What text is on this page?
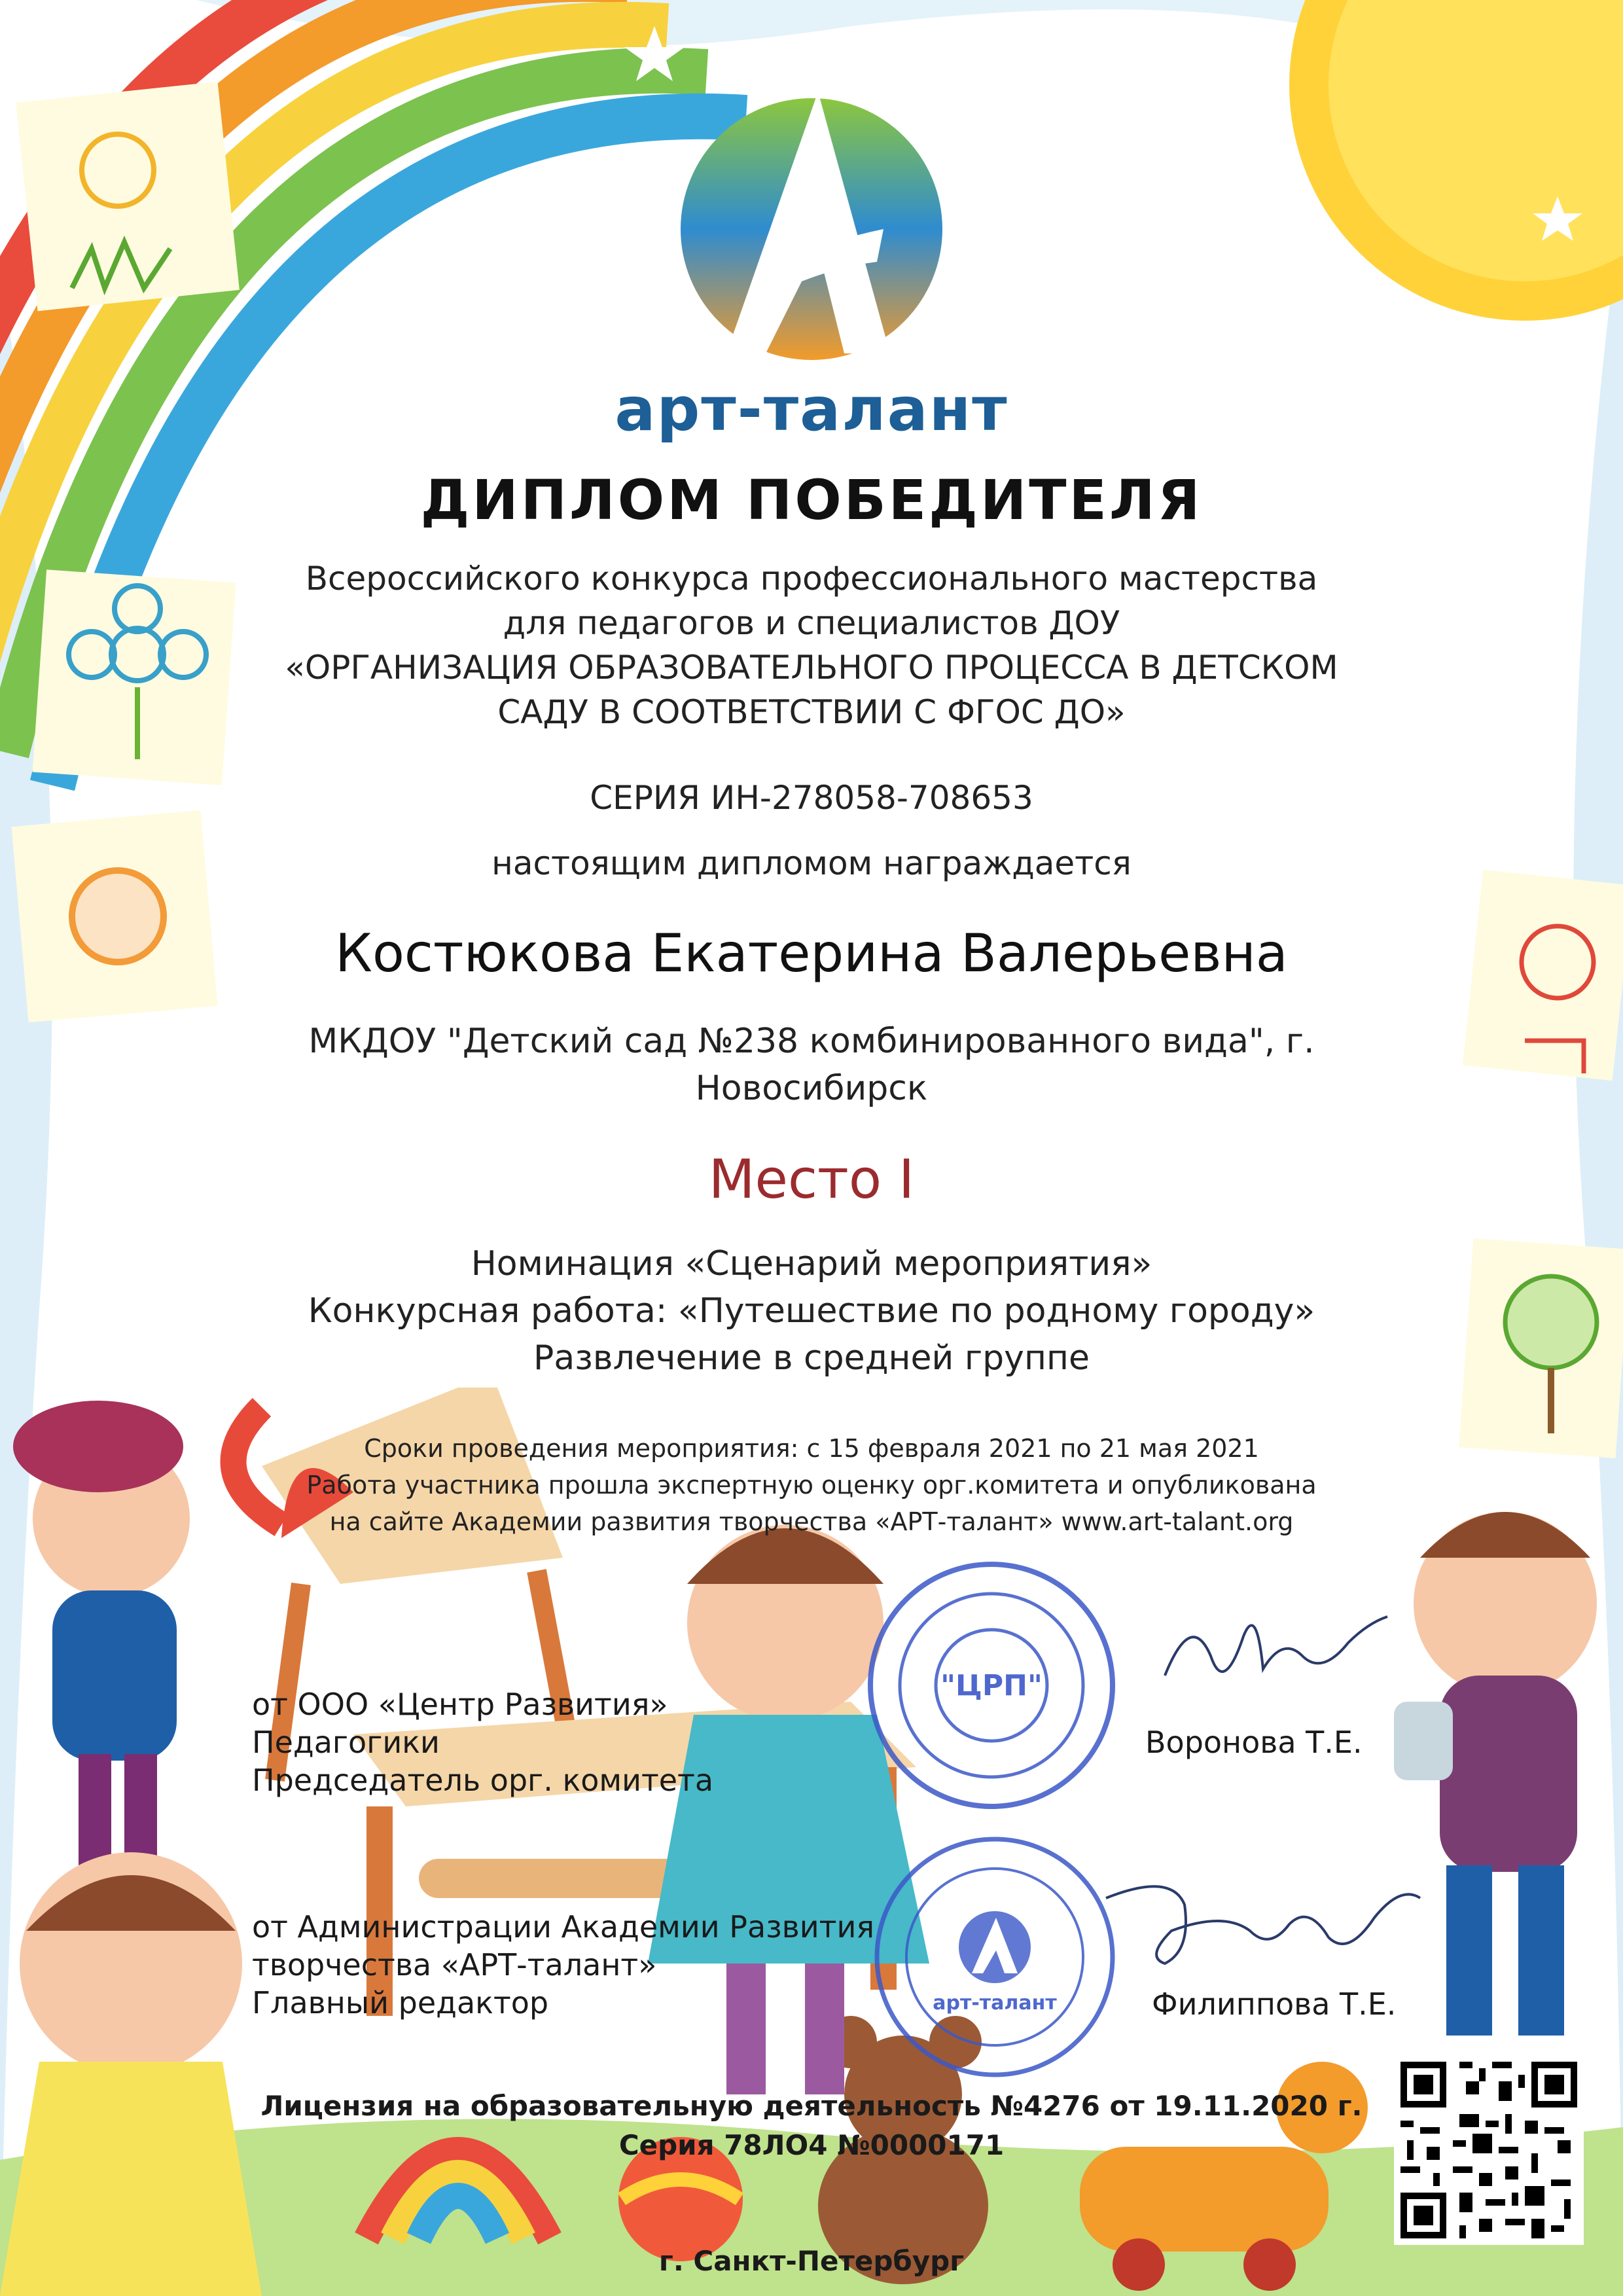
арт-талант

ДИПЛОМ ПОБЕДИТЕЛЯ

Всероссийского конкурса профессионального мастерства
для педагогов и специалистов ДОУ
«ОРГАНИЗАЦИЯ ОБРАЗОВАТЕЛЬНОГО ПРОЦЕССА В ДЕТСКОМ
САДУ В СООТВЕТСТВИИ С ФГОС ДО»

СЕРИЯ ИН-278058-708653

настоящим дипломом награждается

Костюкова Екатерина Валерьевна

МКДОУ "Детский сад №238 комбинированного вида", г.
Новосибирск

Место I

Номинация «Сценарий мероприятия»
Конкурсная работа: «Путешествие по родному городу»
Развлечение в средней группе
Сроки проведения мероприятия: с 15 февраля 2021 по 21 мая 2021
Работа участника прошла экспертную оценку орг.комитета и опубликована
на сайте Академии развития творчества «АРТ-талант» www.art-talant.org
"ЦРП"
арт-талант
от ООО «Центр Развития» Педагогики
Председатель орг. комитета

Воронова Т.Е.

от Администрации Академии Развития
творчества «АРТ-талант»
Главный редактор	Филиппова Т.Е.

Лицензия на образовательную деятельность №4276 от 19.11.2020 г.
Серия 78ЛО4 №0000171

г. Санкт-Петербург
